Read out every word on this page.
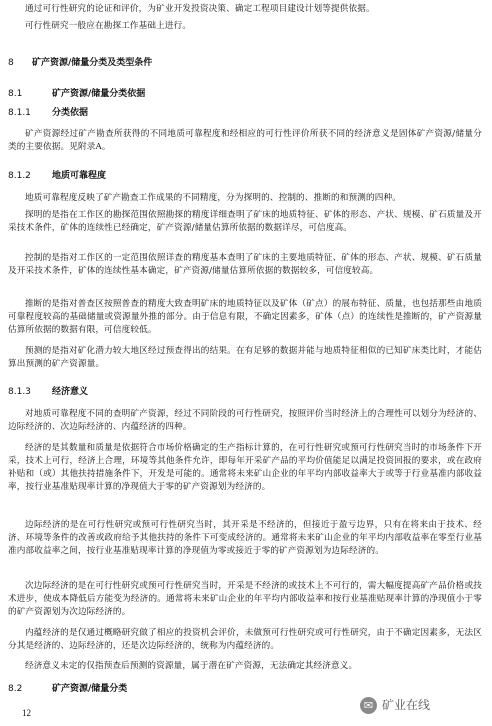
通过可行性研究的论证和评价，为矿业开发投资决策、确定工程项目建设计划等提供依据。

可行性研究一般应在勘探工作基础上进行。

8 矿产资源/储量分类及类型条件
8.1	矿产资源/储量分类依据
8.1.1 分类依据

矿产资源经过矿产勘查所获得的不同地质可靠程度和经相应的可行性评价所获不同的经济意义是固体矿产资源/储量分类的主要依据。见附录A。

8.1.2 地质可靠程度

地质可靠程度反映了矿产勘查工作成果的不同精度，分为探明的、控制的、推断的和预测的四种。

探明的是指在工作区的勘探范围依照勘探的精度详细查明了矿床的地质特征、矿体的形态、产状、规模、矿石质量及开采技术条件，矿体的连续性已经确定，矿产资源/储量估算所依据的数据详尽，可信度高。

控制的是指对工作区的一定范围依照详查的精度基本查明了矿床的主要地质特征、矿体的形态、产状、规模、矿石质量及开采技术条件，矿体的连续性基本确定，矿产资源/储量估算所依据的数据较多，可信度较高。

推断的是指对普查区按照普查的精度大致查明矿床的地质特征以及矿体（矿点）的展布特征、质量，也包括那些由地质可靠程度较高的基础储量或资源量外推的部分。由于信息有限，不确定因素多，矿体（点）的连续性是推断的，矿产资源量估算所依据的数据有限，可信度较低。

预测的是指对矿化潜力较大地区经过预查得出的结果。在有足够的数据并能与地质特征相似的已知矿床类比时，才能估算出预测的矿产资源量。

8.1.3 经济意义

对地质可靠程度不同的查明矿产资源，经过不同阶段的可行性研究，按照评价当时经济上的合理性可以划分为经济的、边际经济的、次边际经济的、内蕴经济的四种。

经济的是其数量和质量是依据符合市场价格确定的生产指标计算的，在可行性研究或预可行性研究当时的市场条件下开采，技术上可行，经济上合理，环境等其他条件允许，即每年开采矿产品的平均价值能足以满足投资回报的要求，或在政府补贴和（或）其他扶持措施条件下，开发是可能的。通常将未来矿山企业的年平均内部收益率大于或等于行业基准内部收益率，按行业基准贴现率计算的净现值大于零的矿产资源划为经济的。

边际经济的是在可行性研究或预可行性研究当时，其开采是不经济的，但接近于盈亏边界，只有在将来由于技术、经济、环境等条件的改善或政府给予其他扶持的条件下可变成经济的。通常将未来矿山企业的年平均内部收益率在零至行业基准内部收益率之间，按行业基准贴现率计算的净现值为零或接近于零的矿产资源划为边际经济的。

次边际经济的是在可行性研究或预可行性研究当时，开采是不经济的或技术上不可行的，需大幅度提高矿产品价格或技术进步，使成本降低后方能变为经济的。通常将未来矿山企业的年平均内部收益率和按行业基准贴现率计算的净现值小于零的矿产资源划为次边际经济的。

内蕴经济的是仅通过概略研究做了相应的投资机会评价，未做预可行性研究或可行性研究，由于不确定因素多，无法区分其是经济的、边际经济的，还是次边际经济的，统称为内蕴经济的。

经济意义未定的仅指预查后预测的资源量，属于潜在矿产资源，无法确定其经济意义。

8.2	矿产资源/储量分类
12
✉ 矿业在线
